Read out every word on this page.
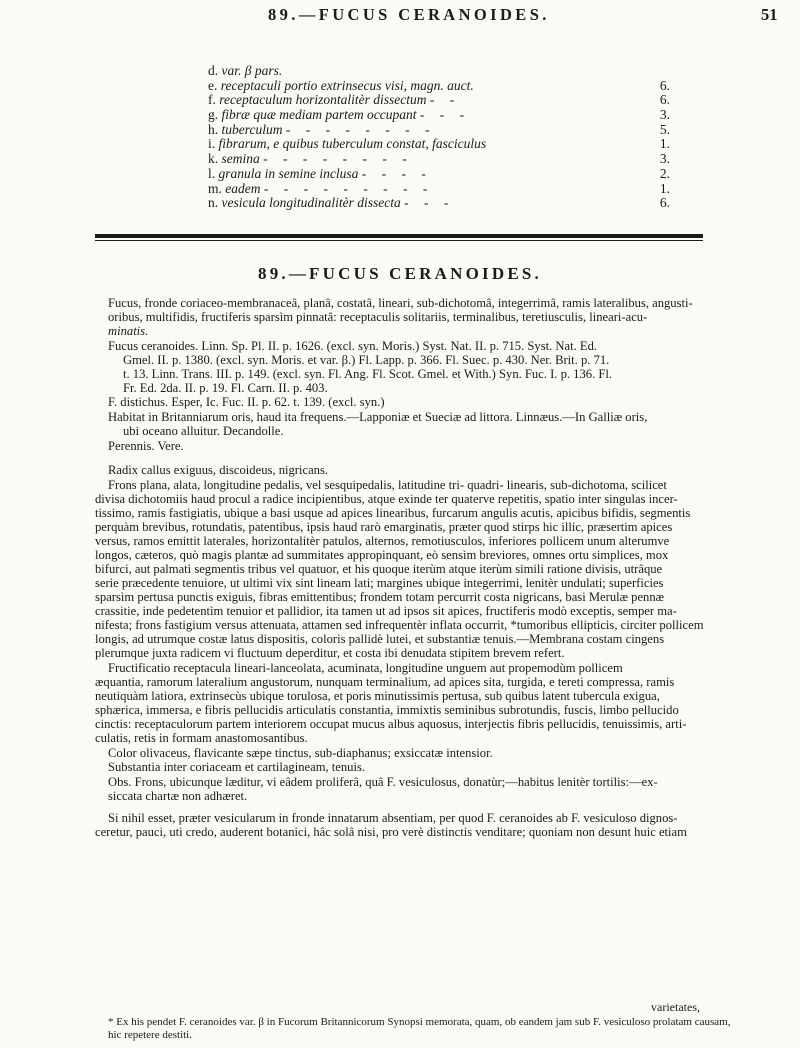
89.—FUCUS CERANOIDES.	51
d. var. β pars.
e. receptaculi portio extrinsecus visi, magn. auct.	6.
f. receptaculum horizontalitèr dissectum - -	6.
g. fibræ quæ mediam partem occupant - - -	3.
h. tuberculum - - - - - - - -	5.
i. fibrarum, e quibus tuberculum constat, fasciculus	1.
k. semina - - - - - - - -	3.
l. granula in semine inclusa - - - -	2.
m. eadem - - - - - - - - -	1.
n. vesicula longitudinalitèr dissecta - - -	6.
89.—FUCUS CERANOIDES.
Fucus, fronde coriaceo-membranaceâ, planâ, costatâ, lineari, sub-dichotomâ, integerrimâ, ramis lateralibus, angusti-
oribus, multifidis, fructiferis sparsìm pinnatâ: receptaculis solitariis, terminalibus, teretiusculis, lineari-acu-
minatis.
Fucus ceranoides. Linn. Sp. Pl. II. p. 1626. (excl. syn. Moris.) Syst. Nat. II. p. 715. Syst. Nat. Ed.
Gmel. II. p. 1380. (excl. syn. Moris. et var. β.) Fl. Lapp. p. 366. Fl. Suec. p. 430. Ner. Brit. p. 71.
t. 13. Linn. Trans. III. p. 149. (excl. syn. Fl. Ang. Fl. Scot. Gmel. et With.) Syn. Fuc. I. p. 136. Fl.
Fr. Ed. 2da. II. p. 19. Fl. Carn. II. p. 403.
F. distichus. Esper, Ic. Fuc. II. p. 62. t. 139. (excl. syn.)
Habitat in Britanniarum oris, haud ita frequens.—Lapponiæ et Sueciæ ad littora. Linnæus.—In Galliæ oris,
ubi oceano alluitur. Decandolle.
Perennis. Vere.
Radix callus exiguus, discoideus, nigricans.
Frons plana, alata, longitudine pedalis, vel sesquipedalis, latitudine tri- quadri- linearis, sub-dichotoma, scilicet
divisa dichotomiis haud procul a radice incipientibus, atque exinde ter quaterve repetitis, spatio inter singulas incer-
tissimo, ramis fastigiatis, ubique a basi usque ad apices linearibus, furcarum angulis acutis, apicibus bifidis, segmentis
perquàm brevibus, rotundatis, patentibus, ipsis haud rarò emarginatis, præter quod stirps hic illic, præsertim apices
versus, ramos emittit laterales, horizontalitèr patulos, alternos, remotiusculos, inferiores pollicem unum alterumve
longos, cæteros, quò magis plantæ ad summitates appropinquant, eò sensìm breviores, omnes ortu simplices, mox
bifurci, aut palmati segmentis tribus vel quatuor, et his quoque iterùm atque iterùm simili ratione divisis, utrâque
serie præcedente tenuiore, ut ultimi vix sint lineam lati; margines ubique integerrimi, lenitèr undulati; superficies
sparsìm pertusa punctis exiguis, fibras emittentibus; frondem totam percurrit costa nigricans, basi Merulæ pennæ
crassitie, inde pedetentìm tenuior et pallidior, ita tamen ut ad ipsos sit apices, fructiferis modò exceptis, semper ma-
nifesta; frons fastigium versus attenuata, attamen sed infrequentèr inflata occurrit, *tumoribus ellipticis, circiter pollicem
longis, ad utrumque costæ latus dispositis, coloris pallidè lutei, et substantiæ tenuis.—Membrana costam cingens
plerumque juxta radicem vi fluctuum deperditur, et costa ibi denudata stipitem brevem refert.
Fructificatio receptacula lineari-lanceolata, acuminata, longitudine unguem aut propemodùm pollicem
æquantia, ramorum lateralium angustorum, nunquam terminalium, ad apices sita, turgida, e tereti compressa, ramis
neutiquàm latiora, extrinsecùs ubique torulosa, et poris minutissimis pertusa, sub quibus latent tubercula exigua,
sphærica, immersa, e fibris pellucidis articulatis constantia, immixtis seminibus subrotundis, fuscis, limbo pellucido
cinctis: receptaculorum partem interiorem occupat mucus albus aquosus, interjectis fibris pellucidis, tenuissimis, arti-
culatis, retis in formam anastomosantibus.
Color olivaceus, flavicante sæpe tinctus, sub-diaphanus; exsiccatæ intensior.
Substantia inter coriaceam et cartilagineam, tenuis.
Obs. Frons, ubicunque læditur, vi eâdem proliferâ, quâ F. vesiculosus, donatùr;—habitus lenitèr tortilis:—ex-
siccata chartæ non adhæret.
Si nihil esset, præter vesicularum in fronde innatarum absentiam, per quod F. ceranoides ab F. vesiculoso dignos-
ceretur, pauci, uti credo, auderent botanici, hâc solâ nisi, pro verè distinctis venditare; quoniam non desunt huic etiam
varietates,
* Ex his pendet F. ceranoides var. β in Fucorum Britannicorum Synopsi memorata, quam, ob eandem jam sub F. vesiculoso prolatam causam,
hic repetere destiti.
